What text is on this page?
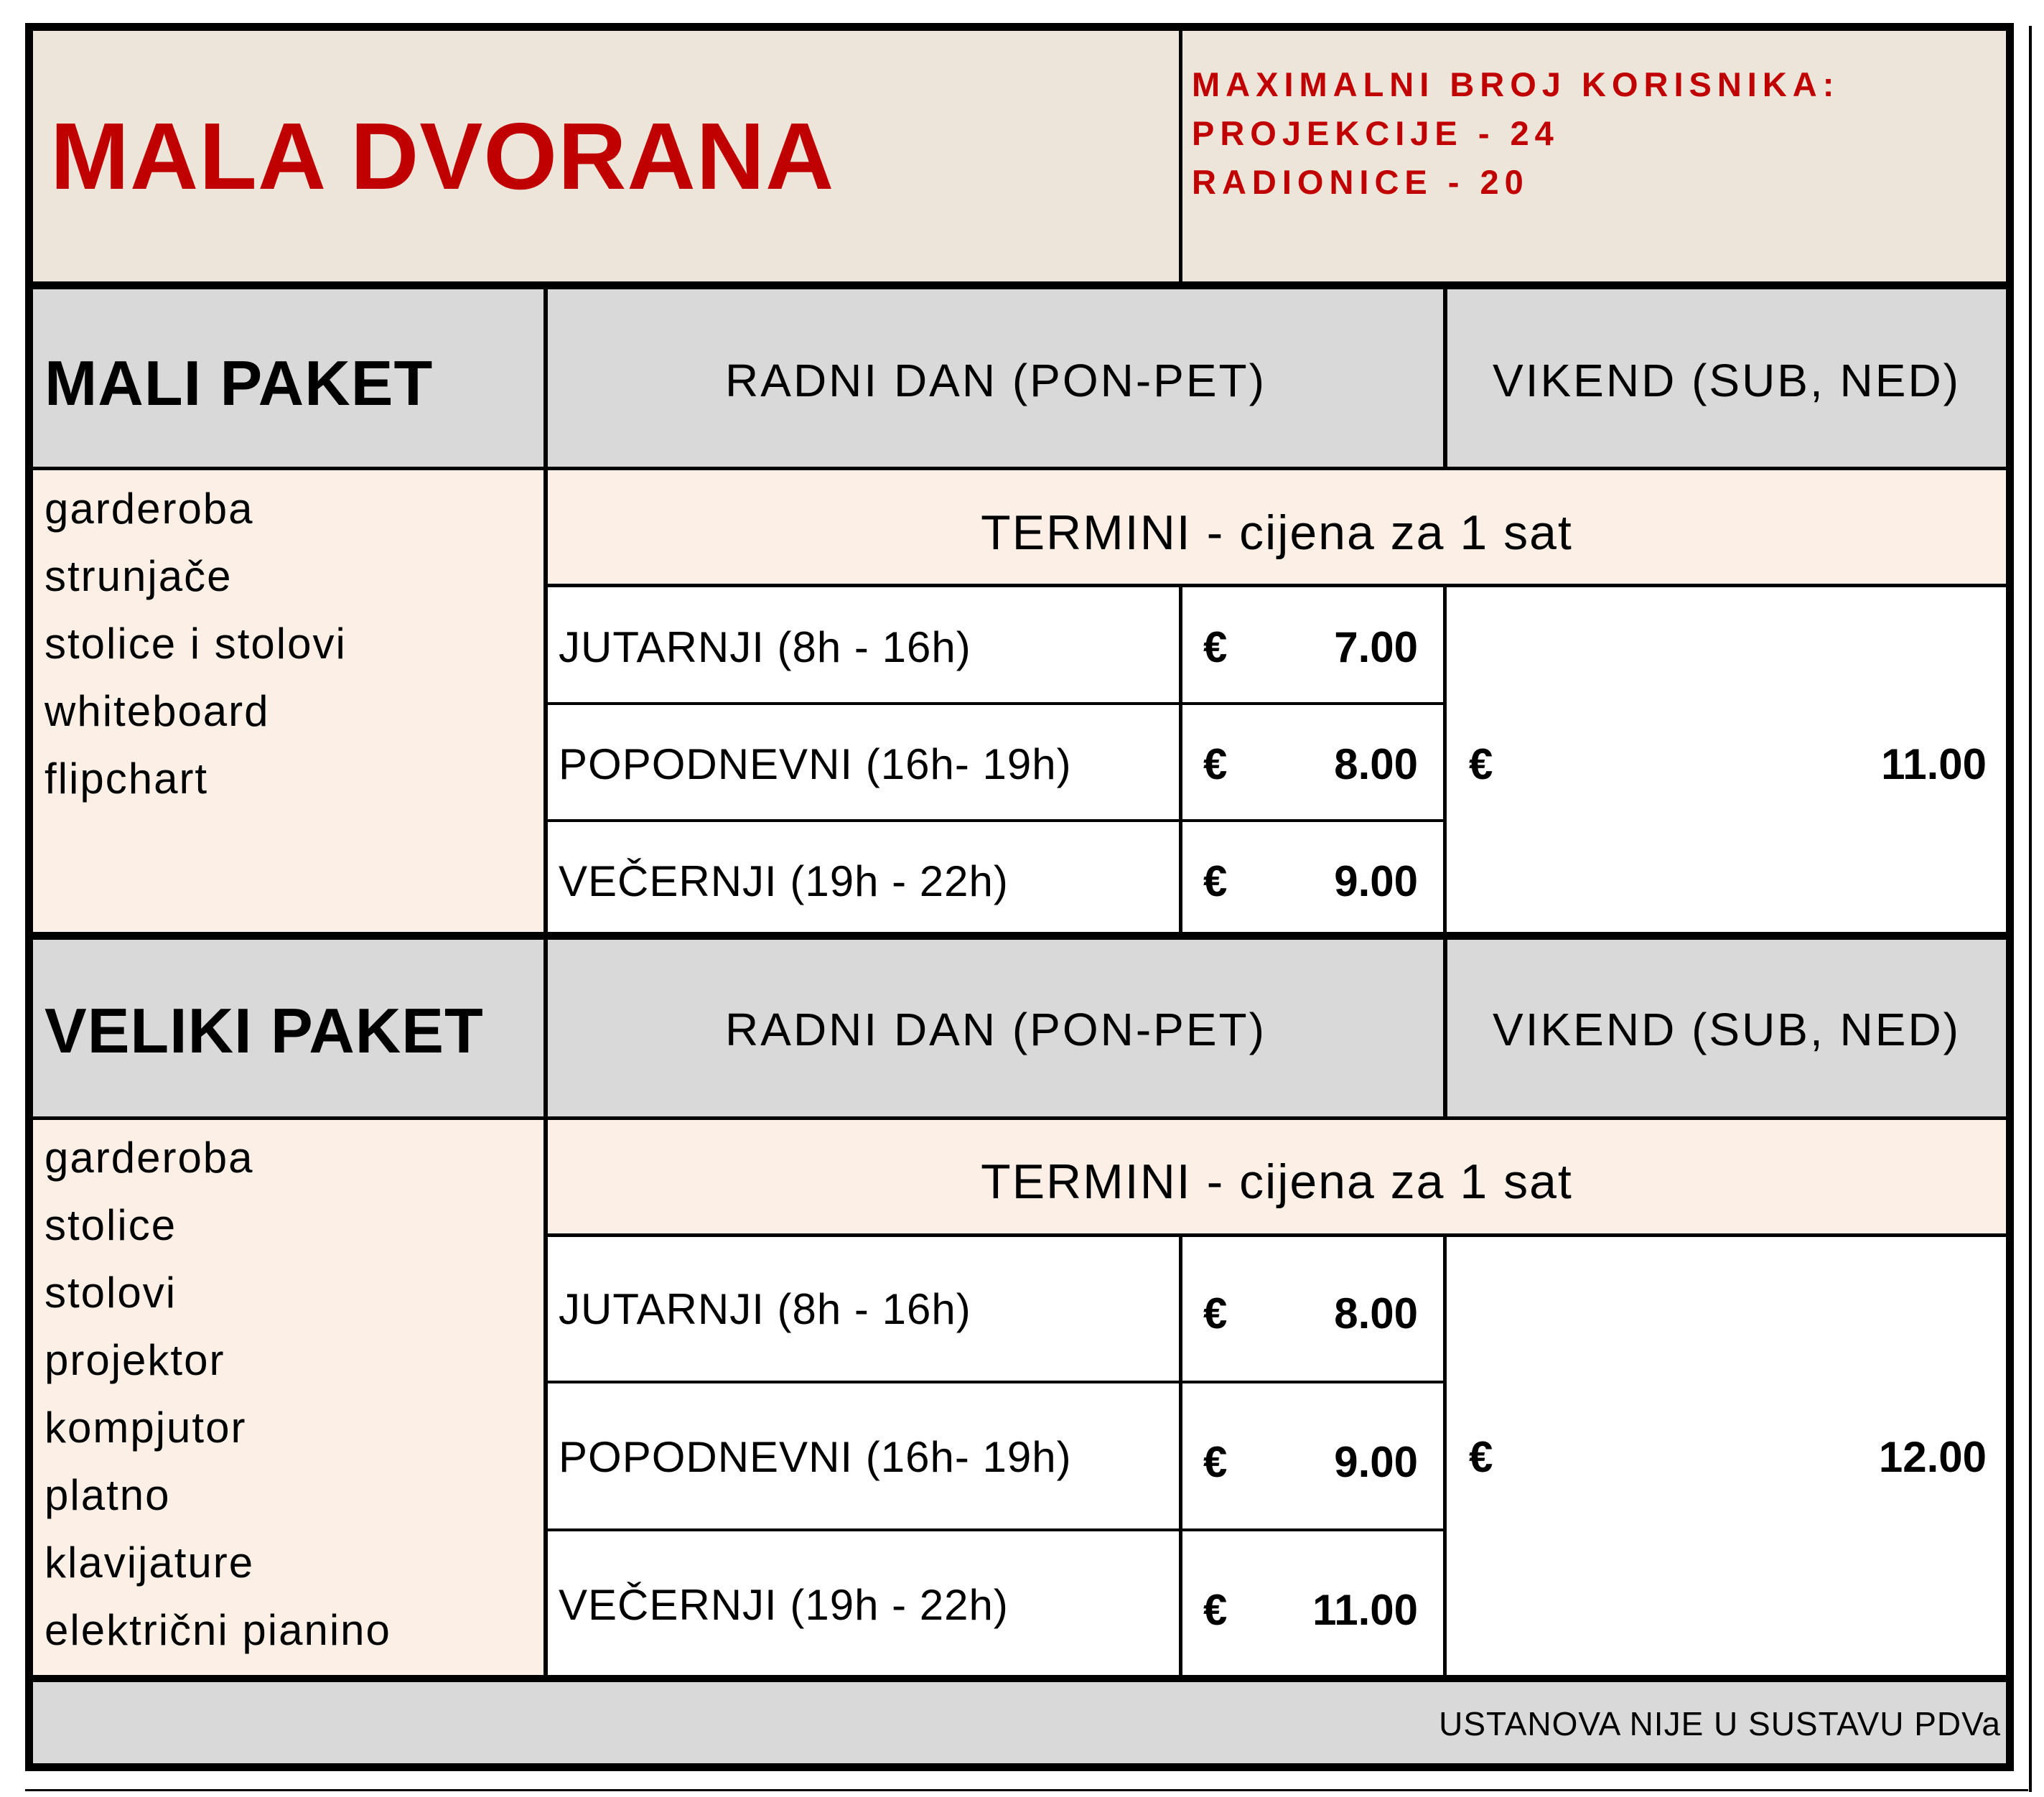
MALA DVORANA
MAXIMALNI BROJ KORISNIKA:
PROJEKCIJE - 24
RADIONICE - 20
MALI PAKET	RADNI DAN (PON-PET)	VIKEND (SUB, NED)
garderoba
strunjače
stolice i stolovi
whiteboard
flipchart
TERMINI - cijena za 1 sat
JUTARNJI (8h - 16h)	€ 7.00
POPODNEVNI (16h- 19h)	€ 8.00
VEČERNJI (19h - 22h)	€ 9.00
€	11.00
VELIKI PAKET	RADNI DAN (PON-PET)	VIKEND (SUB, NED)
garderoba
stolice
stolovi
projektor
kompjutor
platno
klavijature
električni pianino
TERMINI - cijena za 1 sat
JUTARNJI (8h - 16h)	€ 8.00
POPODNEVNI (16h- 19h)	€ 9.00
VEČERNJI (19h - 22h)	€ 11.00
€	12.00
USTANOVA NIJE U SUSTAVU PDVa
